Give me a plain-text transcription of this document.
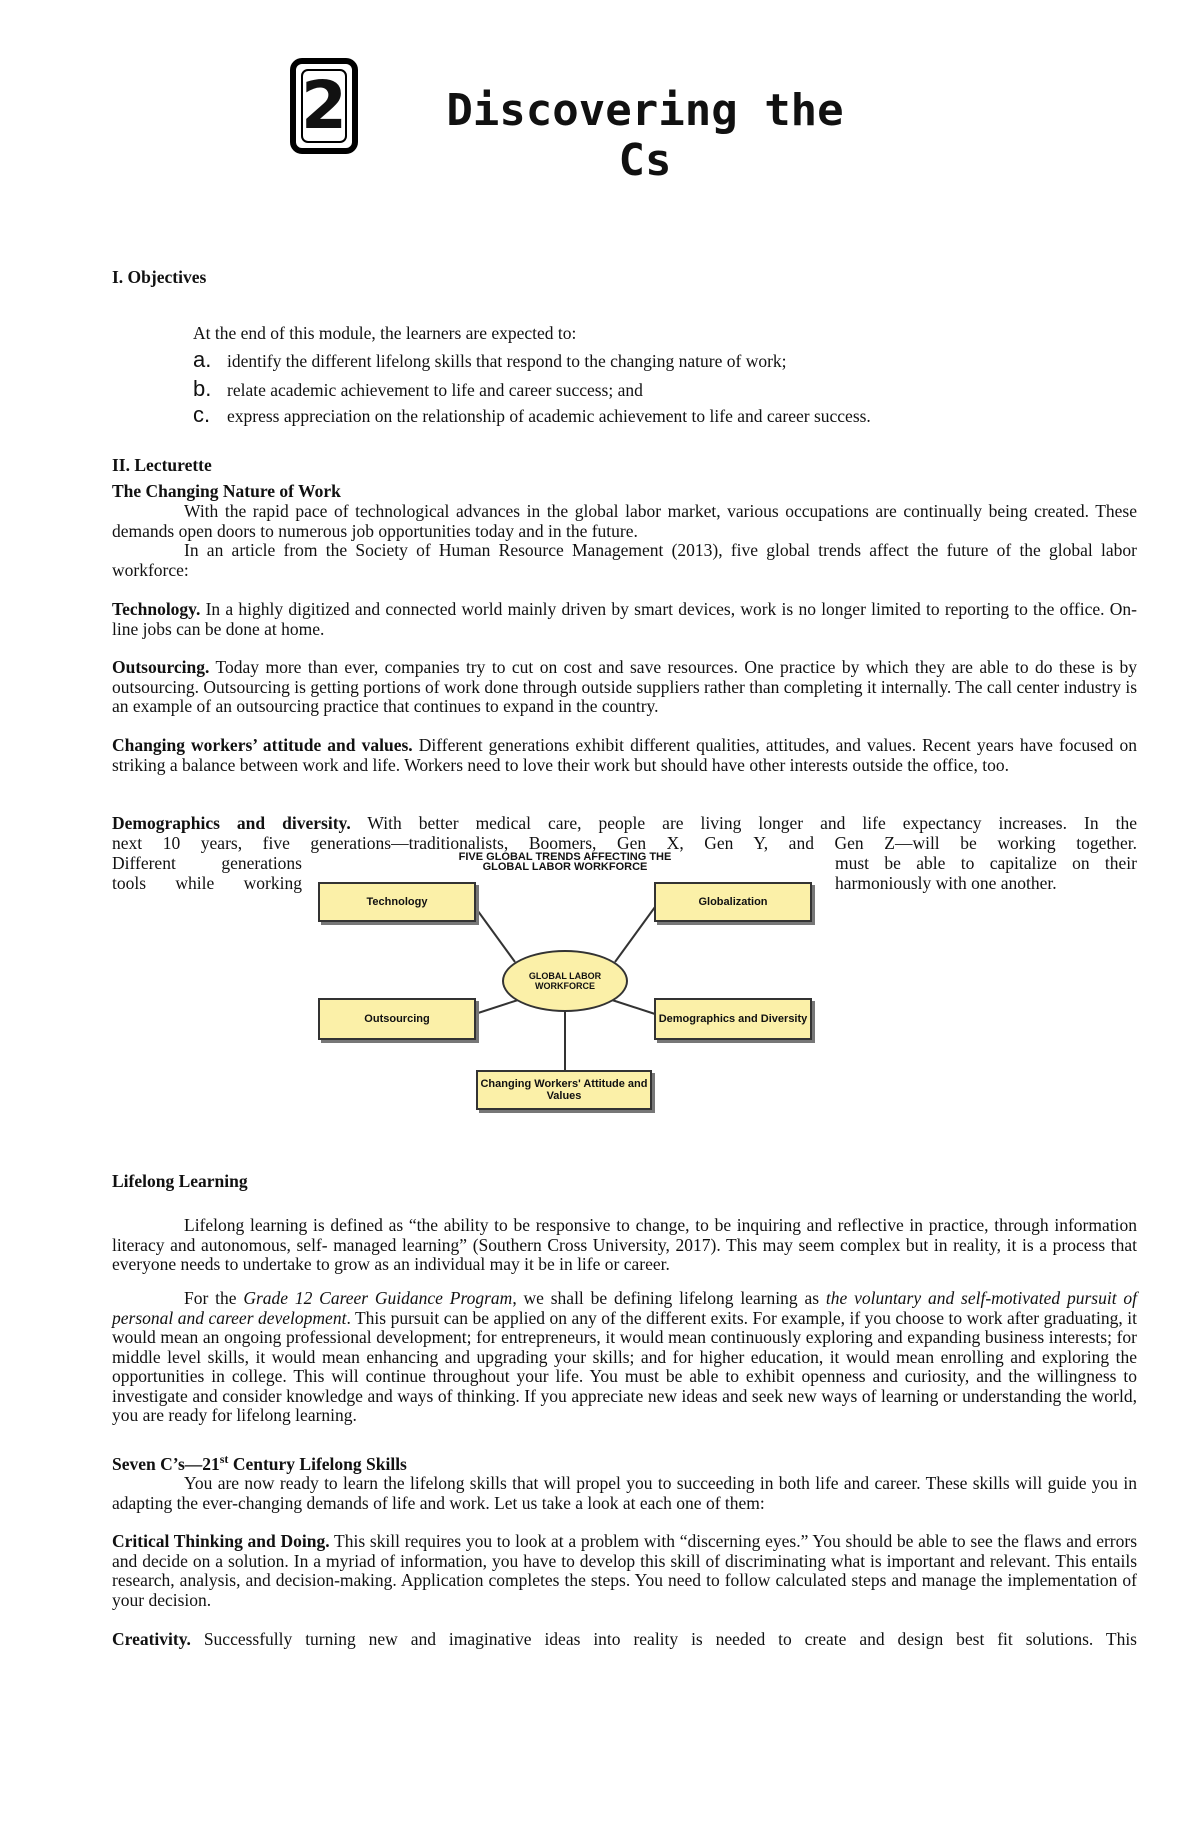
2	Discovering the Cs
I. Objectives
At the end of this module, the learners are expected to:
a. identify the different lifelong skills that respond to the changing nature of work;
b. relate academic achievement to life and career success; and
c. express appreciation on the relationship of academic achievement to life and career success.
II. Lecturette
The Changing Nature of Work
With the rapid pace of technological advances in the global labor market, various occupations are continually being created. These demands open doors to numerous job opportunities today and in the future.
In an article from the Society of Human Resource Management (2013), five global trends affect the future of the global labor workforce:
Technology. In a highly digitized and connected world mainly driven by smart devices, work is no longer limited to reporting to the office. On-line jobs can be done at home.
Outsourcing. Today more than ever, companies try to cut on cost and save resources. One practice by which they are able to do these is by outsourcing. Outsourcing is getting portions of work done through outside suppliers rather than completing it internally. The call center industry is an example of an outsourcing practice that continues to expand in the country.
Changing workers’ attitude and values. Different generations exhibit different qualities, attitudes, and values. Recent years have focused on striking a balance between work and life. Workers need to love their work but should have other interests outside the office, too.
Demographics and diversity. With better medical care, people are living longer and life expectancy increases. In the
next 10 years, five generations—traditionalists, Boomers, Gen X, Gen Y, and Gen Z—will be working together.
Different generations	must be able to capitalize on their
tools while working	harmoniously with one another.
FIVE GLOBAL TRENDS AFFECTING THE GLOBAL LABOR WORKFORCE
Technology	Globalization
Outsourcing	Demographics and Diversity
Changing Workers' Attitude and Values
GLOBAL LABOR WORKFORCE
Lifelong Learning
Lifelong learning is defined as “the ability to be responsive to change, to be inquiring and reflective in practice, through information literacy and autonomous, self- managed learning” (Southern Cross University, 2017). This may seem complex but in reality, it is a process that everyone needs to undertake to grow as an individual may it be in life or career.
For the Grade 12 Career Guidance Program, we shall be defining lifelong learning as the voluntary and self-motivated pursuit of personal and career development. This pursuit can be applied on any of the different exits. For example, if you choose to work after graduating, it would mean an ongoing professional development; for entrepreneurs, it would mean continuously exploring and expanding business interests; for middle level skills, it would mean enhancing and upgrading your skills; and for higher education, it would mean enrolling and exploring the opportunities in college. This will continue throughout your life. You must be able to exhibit openness and curiosity, and the willingness to investigate and consider knowledge and ways of thinking. If you appreciate new ideas and seek new ways of learning or understanding the world, you are ready for lifelong learning.
Seven C’s—21st Century Lifelong Skills
You are now ready to learn the lifelong skills that will propel you to succeeding in both life and career. These skills will guide you in adapting the ever-changing demands of life and work. Let us take a look at each one of them:
Critical Thinking and Doing. This skill requires you to look at a problem with “discerning eyes.” You should be able to see the flaws and errors and decide on a solution. In a myriad of information, you have to develop this skill of discriminating what is important and relevant. This entails research, analysis, and decision-making. Application completes the steps. You need to follow calculated steps and manage the implementation of your decision.
Creativity. Successfully turning new and imaginative ideas into reality is needed to create and design best fit solutions. This
